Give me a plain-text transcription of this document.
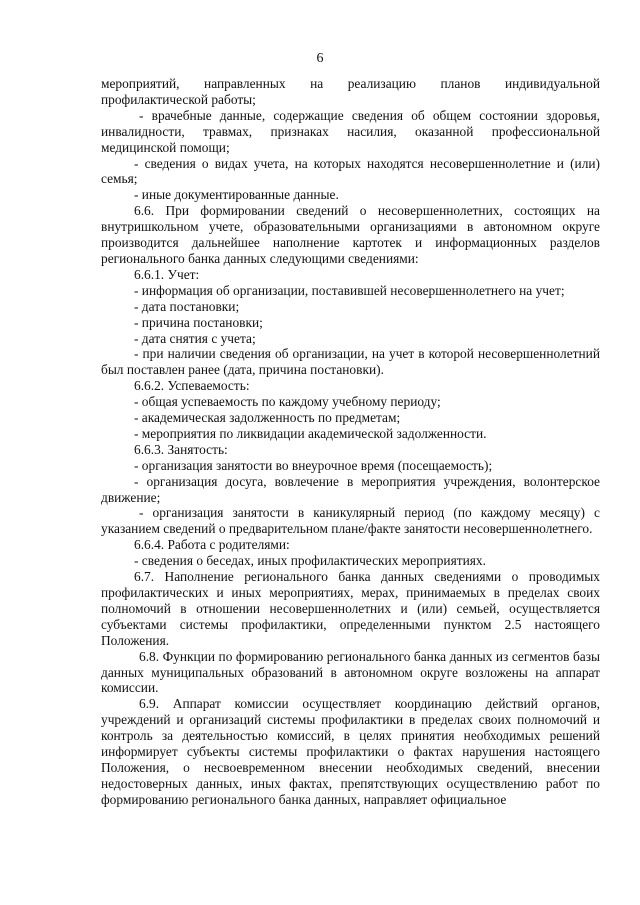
6

мероприятий, направленных на реализацию планов индивидуальной профилактической работы;

- врачебные данные, содержащие сведения об общем состоянии здоровья, инвалидности, травмах, признаках насилия, оказанной профессиональной медицинской помощи;

- сведения о видах учета, на которых находятся несовершеннолетние и (или) семья;

- иные документированные данные.

6.6. При формировании сведений о несовершеннолетних, состоящих на внутришкольном учете, образовательными организациями в автономном округе производится дальнейшее наполнение картотек и информационных разделов регионального банка данных следующими сведениями:

6.6.1. Учет:

- информация об организации, поставившей несовершеннолетнего на учет;

- дата постановки;

- причина постановки;

- дата снятия с учета;

- при наличии сведения об организации, на учет в которой несовершеннолетний был поставлен ранее (дата, причина постановки).

6.6.2. Успеваемость:

- общая успеваемость по каждому учебному периоду;

- академическая задолженность по предметам;

- мероприятия по ликвидации академической задолженности.

6.6.3. Занятость:

- организация занятости во внеурочное время (посещаемость);

- организация досуга, вовлечение в мероприятия учреждения, волонтерское движение;

- организация занятости в каникулярный период (по каждому месяцу) с указанием сведений о предварительном плане/факте занятости несовершеннолетнего.

6.6.4. Работа с родителями:

- сведения о беседах, иных профилактических мероприятиях.

6.7. Наполнение регионального банка данных сведениями о проводимых профилактических и иных мероприятиях, мерах, принимаемых в пределах своих полномочий в отношении несовершеннолетних и (или) семьей, осуществляется субъектами системы профилактики, определенными пунктом 2.5 настоящего Положения.

6.8. Функции по формированию регионального банка данных из сегментов базы данных муниципальных образований в автономном округе возложены на аппарат комиссии.

6.9. Аппарат комиссии осуществляет координацию действий органов, учреждений и организаций системы профилактики в пределах своих полномочий и контроль за деятельностью комиссий, в целях принятия необходимых решений информирует субъекты системы профилактики о фактах нарушения настоящего Положения, о несвоевременном внесении необходимых сведений, внесении недостоверных данных, иных фактах, препятствующих осуществлению работ по формированию регионального банка данных, направляет официальное
